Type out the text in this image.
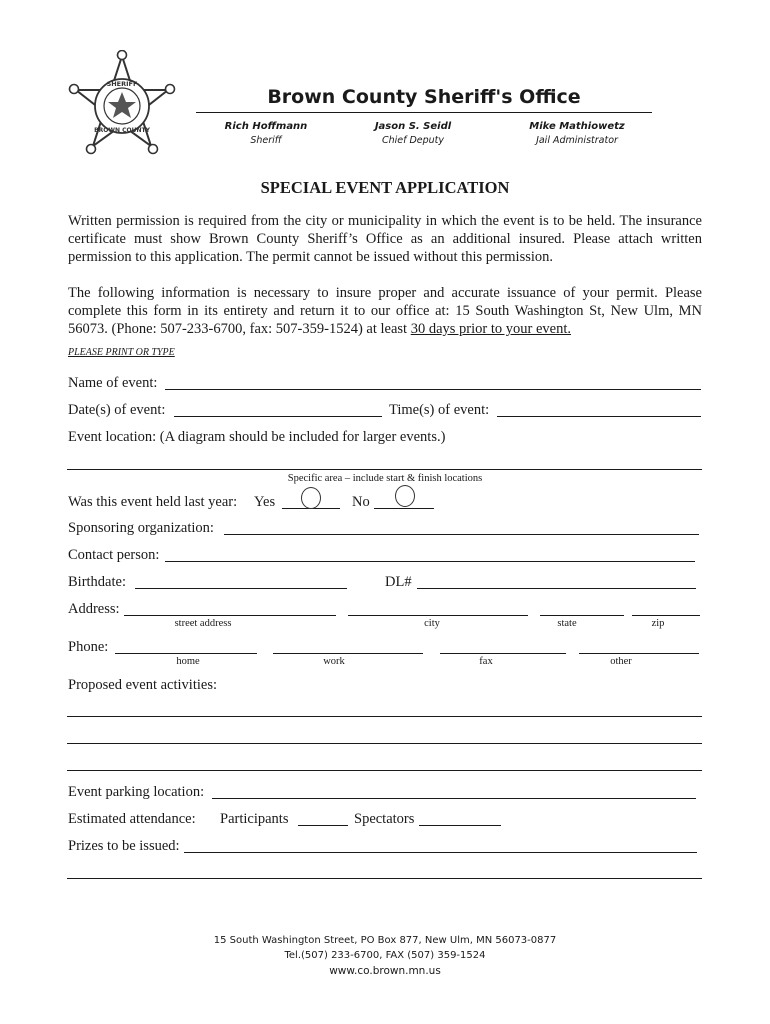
SHERIFF
BROWN COUNTY
Brown County Sheriff's Office
Rich Hoffmann
Sheriff
Jason S. Seidl
Chief Deputy
Mike Mathiowetz
Jail Administrator
SPECIAL EVENT APPLICATION

Written permission is required from the city or municipality in which the event is to be held. The insurance certificate must show Brown County Sheriff’s Office as an additional insured. Please attach written permission to this application. The permit cannot be issued without this permission.

The following information is necessary to insure proper and accurate issuance of your permit. Please complete this form in its entirety and return it to our office at: 15 South Washington St, New Ulm, MN 56073. (Phone: 507-233-6700, fax: 507-359-1524) at least 30 days prior to your event.

PLEASE PRINT OR TYPE
Name of event:
Date(s) of event:	Time(s) of event:
Event location: (A diagram should be included for larger events.)
Specific area – include start & finish locations
Was this event held last year: Yes	No
Sponsoring organization:
Contact person:
Birthdate:	DL#
Address:
street address	city	state	zip
Phone:
home	work	fax	other
Proposed event activities:
Event parking location:
Estimated attendance: Participants	Spectators
Prizes to be issued:
15 South Washington Street, PO Box 877, New Ulm, MN 56073-0877
Tel.(507) 233-6700, FAX (507) 359-1524
www.co.brown.mn.us
